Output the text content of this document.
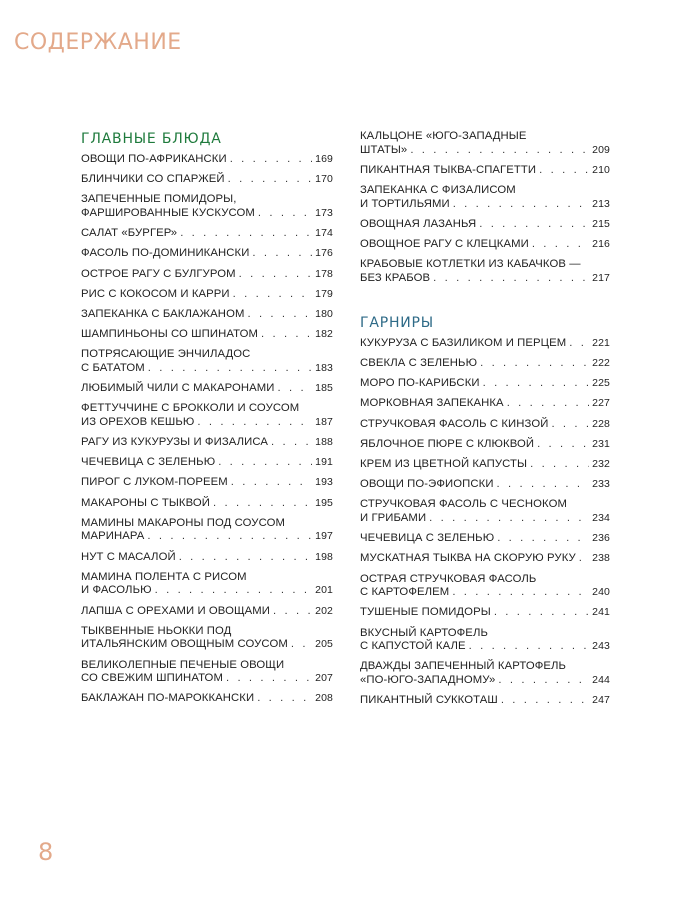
СОДЕРЖАНИЕ
ГЛАВНЫЕ БЛЮДА
ОВОЩИ ПО-АФРИКАНСКИ . . .	169
БЛИНЧИКИ СО СПАРЖЕЙ . . .	170
ЗАПЕЧЕННЫЕ ПОМИДОРЫ,
ФАРШИРОВАННЫЕ КУСКУСОМ . . .	173
САЛАТ «БУРГЕР» . . .	174
ФАСОЛЬ ПО-ДОМИНИКАНСКИ . . .	176
ОСТРОЕ РАГУ С БУЛГУРОМ . . .	178
РИС С КОКОСОМ И КАРРИ . . .	179
ЗАПЕКАНКА С БАКЛАЖАНОМ . . .	180
ШАМПИНЬОНЫ СО ШПИНАТОМ . . .	182
ПОТРЯСАЮЩИЕ ЭНЧИЛАДОС
С БАТАТОМ . . .	183
ЛЮБИМЫЙ ЧИЛИ С МАКАРОНАМИ . . .	185
ФЕТТУЧЧИНЕ С БРОККОЛИ И СОУСОМ
ИЗ ОРЕХОВ КЕШЬЮ . . .	187
РАГУ ИЗ КУКУРУЗЫ И ФИЗАЛИСА . . .	188
ЧЕЧЕВИЦА С ЗЕЛЕНЬЮ . . .	191
ПИРОГ С ЛУКОМ-ПОРЕЕМ . . .	193
МАКАРОНЫ С ТЫКВОЙ . . .	195
МАМИНЫ МАКАРОНЫ ПОД СОУСОМ
МАРИНАРА . . .	197
НУТ С МАСАЛОЙ . . .	198
МАМИНА ПОЛЕНТА С РИСОМ
И ФАСОЛЬЮ . . .	201
ЛАПША С ОРЕХАМИ И ОВОЩАМИ . . .	202
ТЫКВЕННЫЕ НЬОККИ ПОД
ИТАЛЬЯНСКИМ ОВОЩНЫМ СОУСОМ . . .	205
ВЕЛИКОЛЕПНЫЕ ПЕЧЕНЫЕ ОВОЩИ
СО СВЕЖИМ ШПИНАТОМ . . .	207
БАКЛАЖАН ПО-МАРОККАНСКИ . . .	208
КАЛЬЦОНЕ «ЮГО-ЗАПАДНЫЕ
ШТАТЫ» . . .	209
ПИКАНТНАЯ ТЫКВА-СПАГЕТТИ . . .	210
ЗАПЕКАНКА С ФИЗАЛИСОМ
И ТОРТИЛЬЯМИ . . .	213
ОВОЩНАЯ ЛАЗАНЬЯ . . .	215
ОВОЩНОЕ РАГУ С КЛЕЦКАМИ . . .	216
КРАБОВЫЕ КОТЛЕТКИ ИЗ КАБАЧКОВ —
БЕЗ КРАБОВ . . .	217
ГАРНИРЫ
КУКУРУЗА С БАЗИЛИКОМ И ПЕРЦЕМ . . . 221
СВЕКЛА С ЗЕЛЕНЬЮ . . .	222
МОРО ПО-КАРИБСКИ . . .	225
МОРКОВНАЯ ЗАПЕКАНКА . . .	227
СТРУЧКОВАЯ ФАСОЛЬ С КИНЗОЙ . . .	228
ЯБЛОЧНОЕ ПЮРЕ С КЛЮКВОЙ . . .	231
КРЕМ ИЗ ЦВЕТНОЙ КАПУСТЫ . . .	232
ОВОЩИ ПО-ЭФИОПСКИ . . .	233
СТРУЧКОВАЯ ФАСОЛЬ С ЧЕСНОКОМ
И ГРИБАМИ . . .	234
ЧЕЧЕВИЦА С ЗЕЛЕНЬЮ . . .	236
МУСКАТНАЯ ТЫКВА НА СКОРУЮ РУКУ . . . 238
ОСТРАЯ СТРУЧКОВАЯ ФАСОЛЬ
С КАРТОФЕЛЕМ . . .	240
ТУШЕНЫЕ ПОМИДОРЫ . . .	241
ВКУСНЫЙ КАРТОФЕЛЬ
С КАПУСТОЙ КАЛЕ . . .	243
ДВАЖДЫ ЗАПЕЧЕННЫЙ КАРТОФЕЛЬ
«ПО-ЮГО-ЗАПАДНОМУ» . . .	244
ПИКАНТНЫЙ СУККОТАШ . . .	247
8
